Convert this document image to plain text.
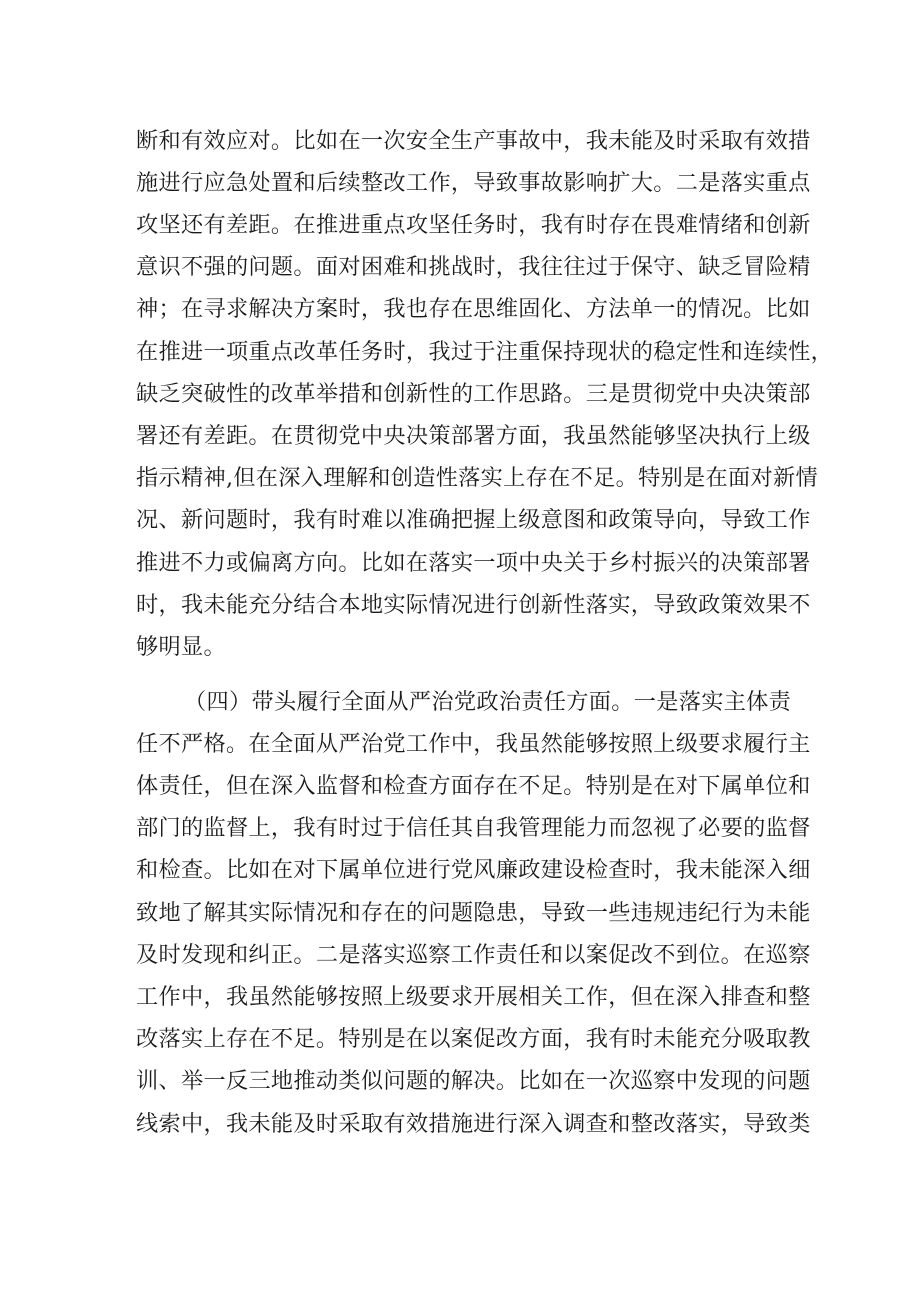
断和有效应对。比如在一次安全生产事故中，我未能及时采取有效措
施进行应急处置和后续整改工作，导致事故影响扩大。二是落实重点
攻坚还有差距。在推进重点攻坚任务时，我有时存在畏难情绪和创新
意识不强的问题。面对困难和挑战时，我往往过于保守、缺乏冒险精
神；在寻求解决方案时，我也存在思维固化、方法单一的情况。比如
在推进一项重点改革任务时，我过于注重保持现状的稳定性和连续性，
缺乏突破性的改革举措和创新性的工作思路。三是贯彻党中央决策部
署还有差距。在贯彻党中央决策部署方面，我虽然能够坚决执行上级
指示精神,但在深入理解和创造性落实上存在不足。特别是在面对新情
况、新问题时，我有时难以准确把握上级意图和政策导向，导致工作
推进不力或偏离方向。比如在落实一项中央关于乡村振兴的决策部署
时，我未能充分结合本地实际情况进行创新性落实，导致政策效果不
够明显。
（四）带头履行全面从严治党政治责任方面。一是落实主体责
任不严格。在全面从严治党工作中，我虽然能够按照上级要求履行主
体责任，但在深入监督和检查方面存在不足。特别是在对下属单位和
部门的监督上，我有时过于信任其自我管理能力而忽视了必要的监督
和检查。比如在对下属单位进行党风廉政建设检查时，我未能深入细
致地了解其实际情况和存在的问题隐患，导致一些违规违纪行为未能
及时发现和纠正。二是落实巡察工作责任和以案促改不到位。在巡察
工作中，我虽然能够按照上级要求开展相关工作，但在深入排查和整
改落实上存在不足。特别是在以案促改方面，我有时未能充分吸取教
训、举一反三地推动类似问题的解决。比如在一次巡察中发现的问题
线索中，我未能及时采取有效措施进行深入调查和整改落实，导致类
